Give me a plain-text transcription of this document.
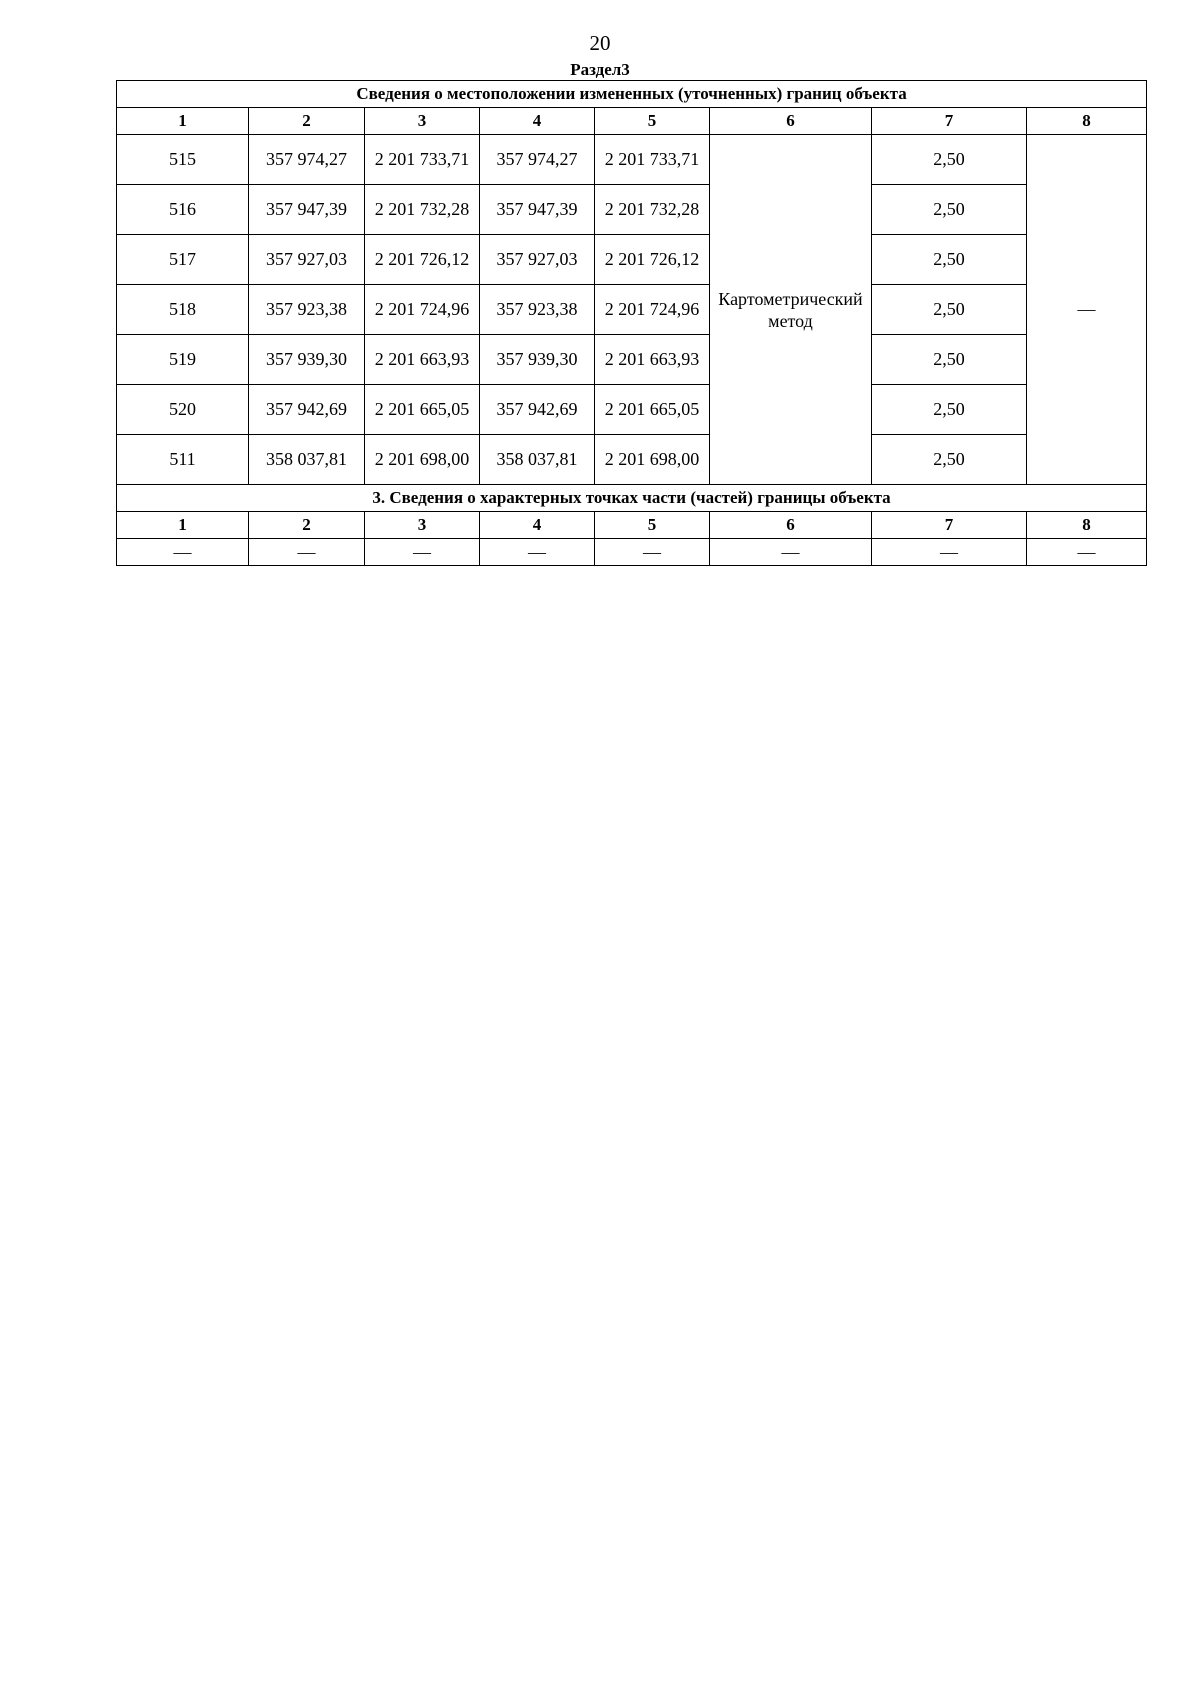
20
Раздел3
Сведения о местоположении измененных (уточненных) границ объекта							
1	2	3	4	5	6	7	8
515	357 974,27	2 201 733,71	357 974,27	2 201 733,71	Картометрический метод	2,50	—
516	357 947,39	2 201 732,28	357 947,39	2 201 732,28		2,50	
517	357 927,03	2 201 726,12	357 927,03	2 201 726,12		2,50	
518	357 923,38	2 201 724,96	357 923,38	2 201 724,96		2,50	
519	357 939,30	2 201 663,93	357 939,30	2 201 663,93		2,50	
520	357 942,69	2 201 665,05	357 942,69	2 201 665,05		2,50	
511	358 037,81	2 201 698,00	358 037,81	2 201 698,00		2,50	
3. Сведения о характерных точках части (частей) границы объекта							
1	2	3	4	5	6	7	8
—	—	—	—	—	—	—	—
